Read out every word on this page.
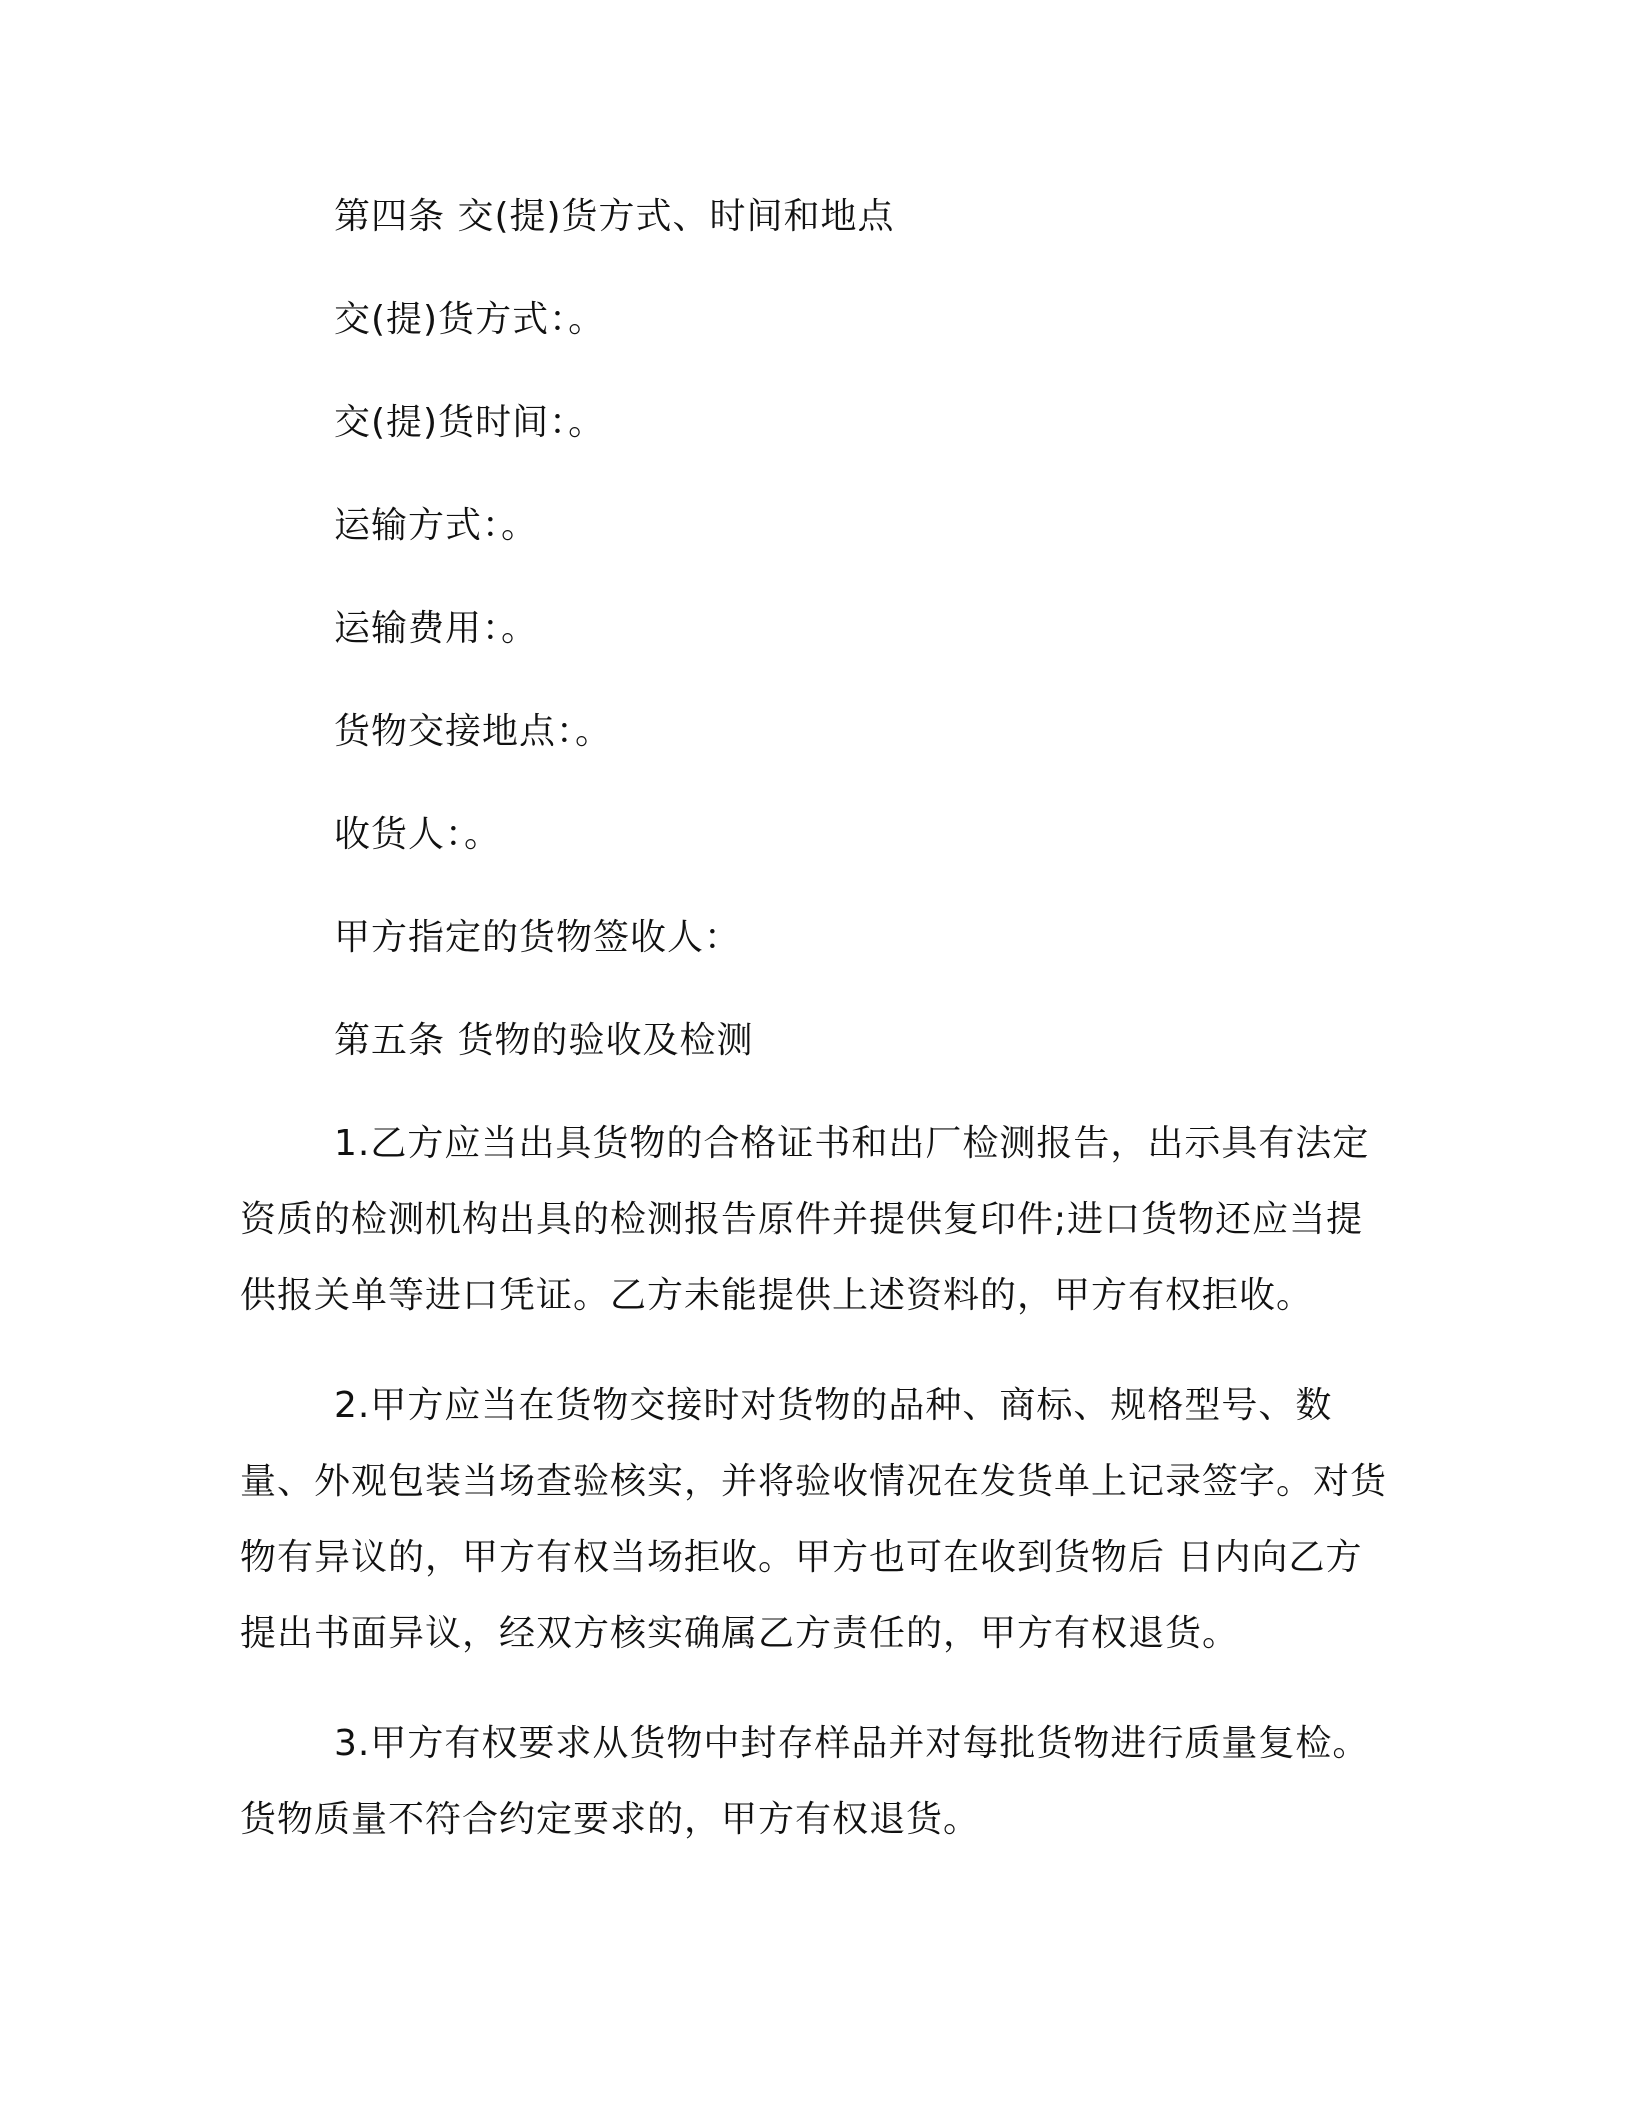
第四条 交(提)货方式、时间和地点
交(提)货方式：。
交(提)货时间：。
运输方式：。
运输费用：。
货物交接地点：。
收货人：。
甲方指定的货物签收人：
第五条 货物的验收及检测
1.乙方应当出具货物的合格证书和出厂检测报告，出示具有法定资质的检测机构出具的检测报告原件并提供复印件;进口货物还应当提供报关单等进口凭证。乙方未能提供上述资料的，甲方有权拒收。
2.甲方应当在货物交接时对货物的品种、商标、规格型号、数量、外观包装当场查验核实，并将验收情况在发货单上记录签字。对货物有异议的，甲方有权当场拒收。甲方也可在收到货物后 日内向乙方提出书面异议，经双方核实确属乙方责任的，甲方有权退货。
3.甲方有权要求从货物中封存样品并对每批货物进行质量复检。货物质量不符合约定要求的，甲方有权退货。
